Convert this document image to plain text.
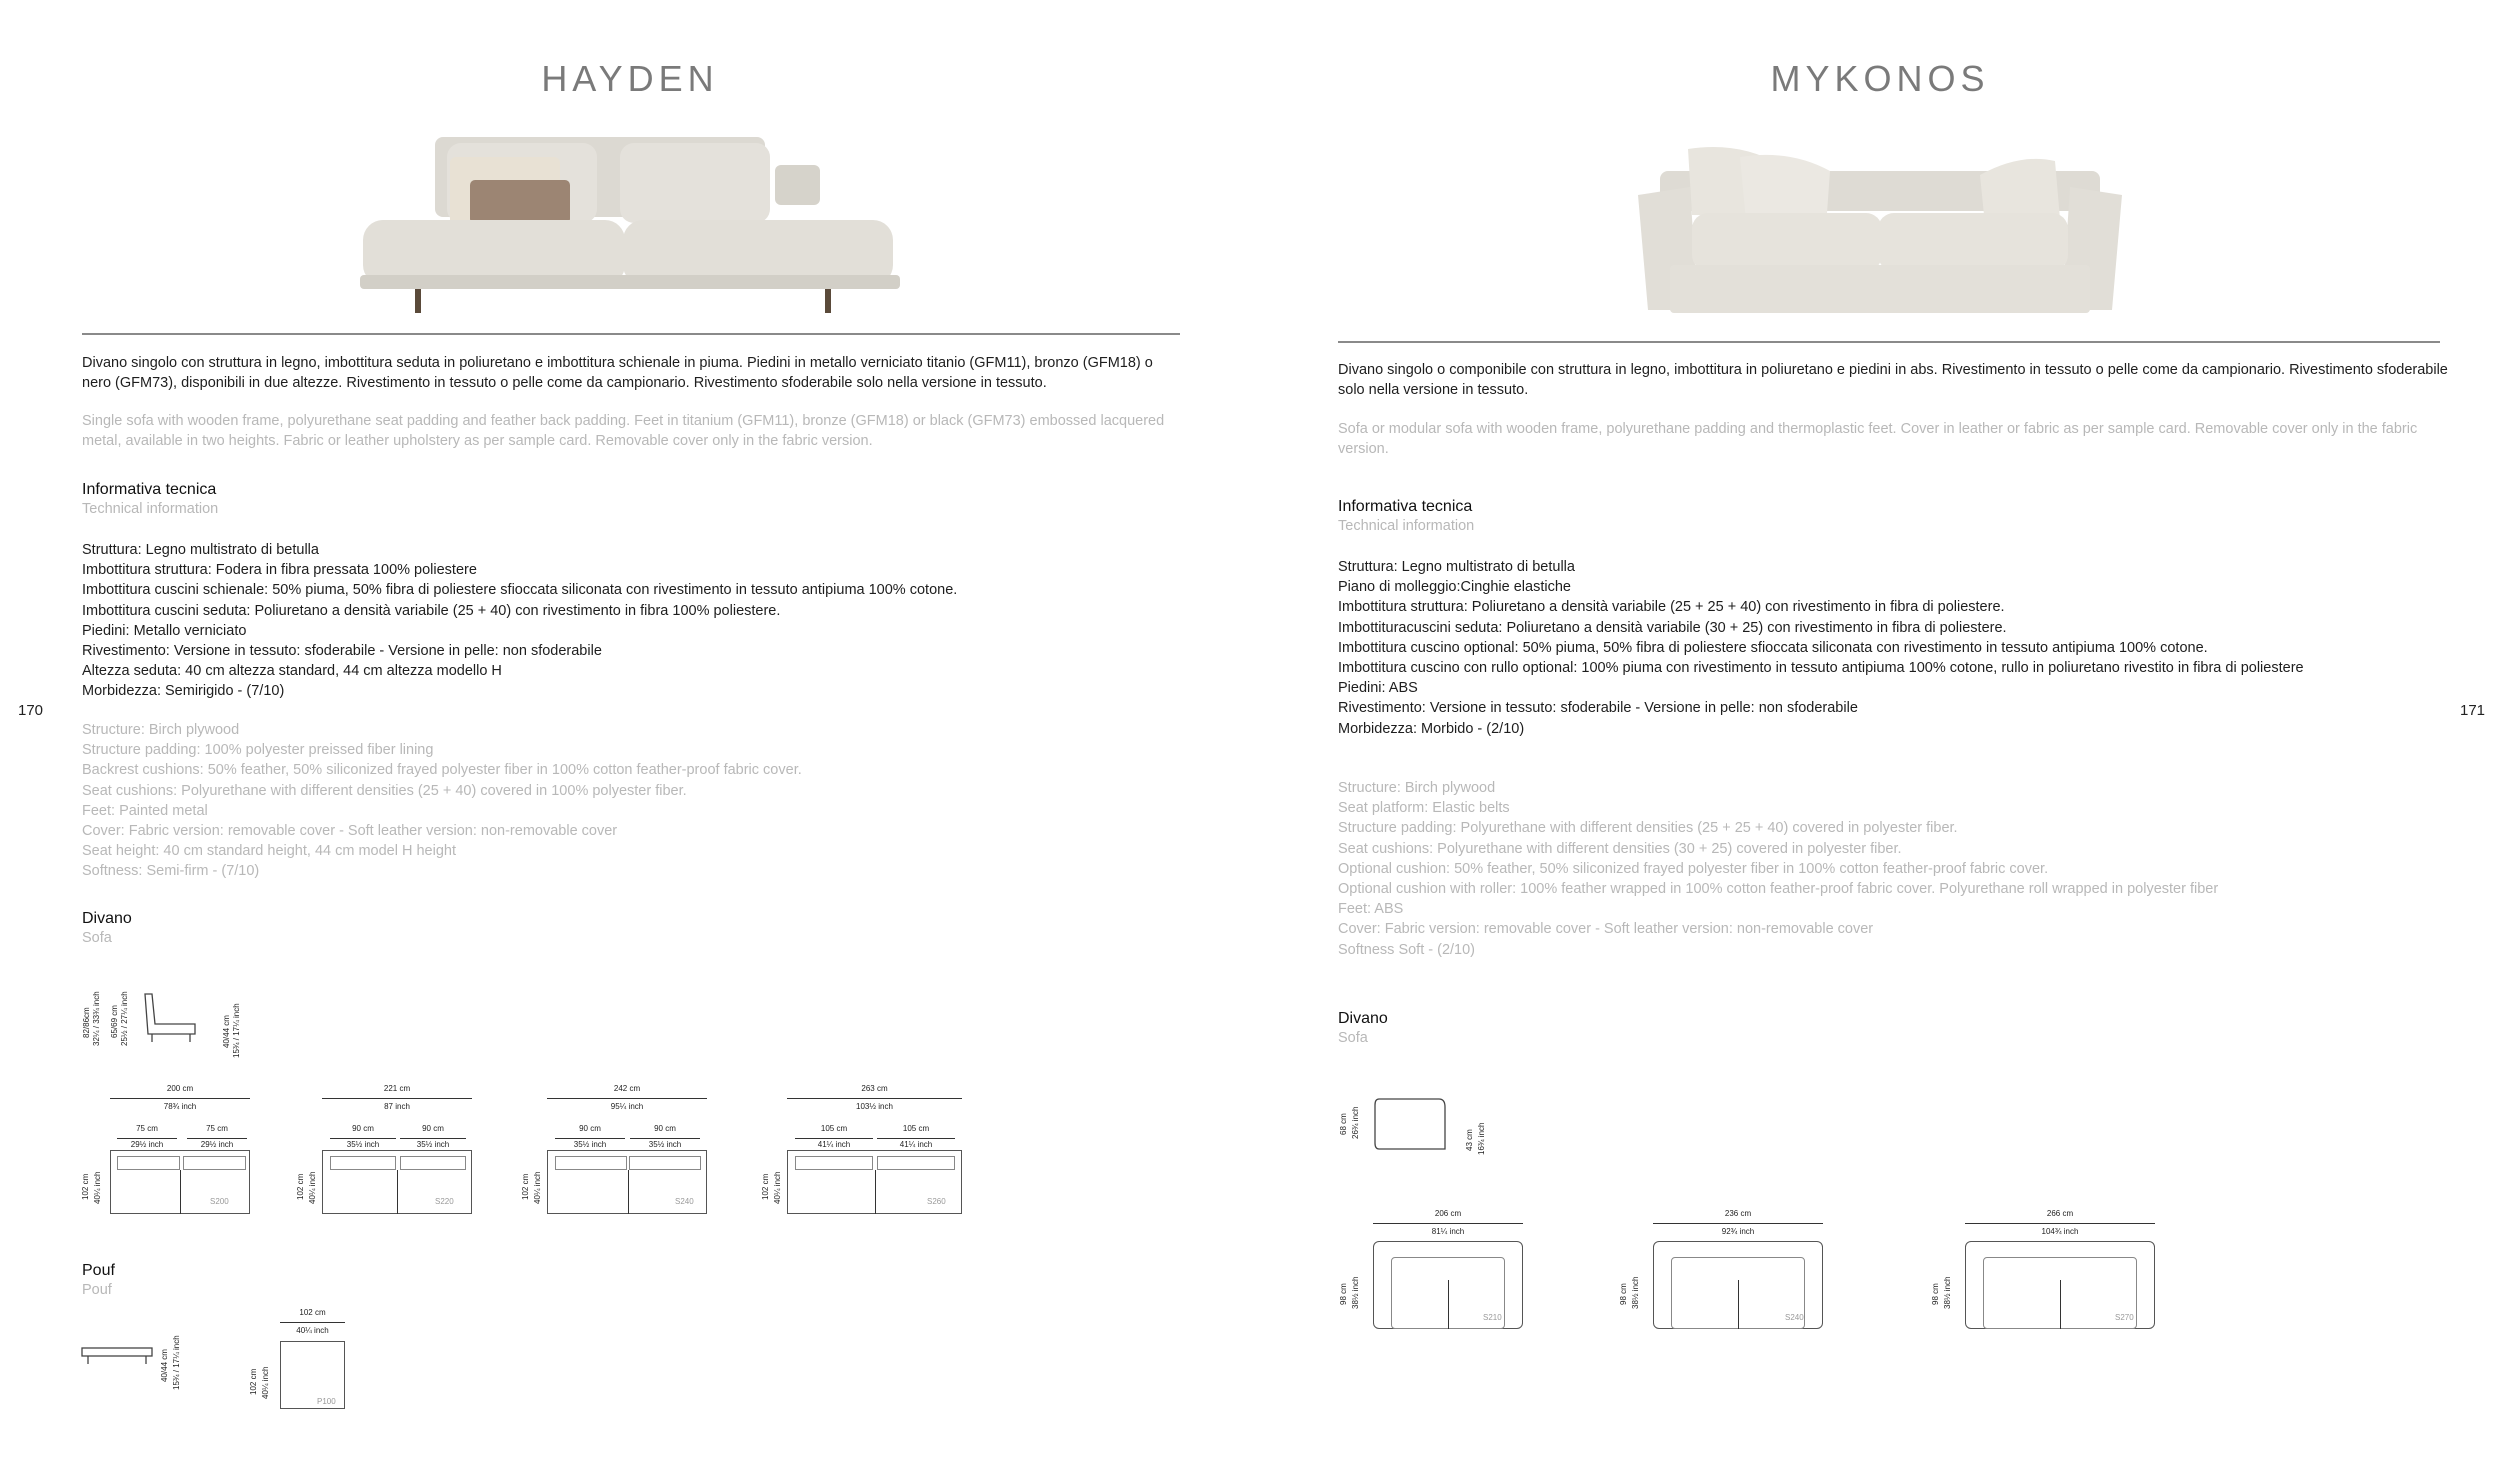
HAYDEN
Divano singolo con struttura in legno, imbottitura seduta in poliuretano e imbottitura schienale in piuma. Piedini in metallo verniciato titanio (GFM11), bronzo (GFM18) o nero (GFM73), disponibili in due altezze. Rivestimento in tessuto o pelle come da campionario. Rivestimento sfoderabile solo nella versione in tessuto.
Single sofa with wooden frame, polyurethane seat padding and feather back padding. Feet in titanium (GFM11), bronze (GFM18) or black (GFM73) embossed lacquered metal, available in two heights. Fabric or leather upholstery as per sample card. Removable cover only in the fabric version.
Informativa tecnica
Technical information
Struttura: Legno multistrato di betulla
Imbottitura struttura: Fodera in fibra pressata 100% poliestere
Imbottitura cuscini schienale: 50% piuma, 50% fibra di poliestere sfioccata siliconata con rivestimento in tessuto antipiuma 100% cotone.
Imbottitura cuscini seduta: Poliuretano a densità variabile (25 + 40) con rivestimento in fibra 100% poliestere.
Piedini: Metallo verniciato
Rivestimento: Versione in tessuto: sfoderabile - Versione in pelle: non sfoderabile
Altezza seduta: 40 cm altezza standard, 44 cm altezza modello H
Morbidezza: Semirigido - (7/10)
Structure: Birch plywood
Structure padding: 100% polyester preissed fiber lining
Backrest cushions: 50% feather, 50% siliconized frayed polyester fiber in 100% cotton feather-proof fabric cover.
Seat cushions: Polyurethane with different densities (25 + 40) covered in 100% polyester fiber.
Feet: Painted metal
Cover: Fabric version: removable cover - Soft leather version: non-removable cover
Seat height: 40 cm standard height, 44 cm model H height
Softness: Semi-firm - (7/10)
170
Divano
Sofa
82/86cm 32¼ / 33¾ inch 65/69 cm 25½ / 27¼ inch	40/44 cm 15¾ / 17¼ inch
200 cm
78¾ inch
75 cm
29½ inch
75 cm
29½ inch
S200
102 cm 40¼ inch
221 cm
87 inch
90 cm
35½ inch
90 cm
35½ inch
S220
102 cm 40¼ inch
242 cm
95¼ inch
90 cm
35½ inch
90 cm
35½ inch
S240
102 cm 40¼ inch
263 cm
103½ inch
105 cm
41¼ inch
105 cm
41¼ inch
S260
102 cm 40¼ inch
Pouf
Pouf
40/44 cm 15¾ / 17¼ inch
102 cm
40¼ inch
P100
102 cm 40¼ inch
MYKONOS
Divano singolo o componibile con struttura in legno, imbottitura in poliuretano e piedini in abs. Rivestimento in tessuto o pelle come da campionario. Rivestimento sfoderabile solo nella versione in tessuto.
Sofa or modular sofa with wooden frame, polyurethane padding and thermoplastic feet. Cover in leather or fabric as per sample card. Removable cover only in the fabric version.
Informativa tecnica
Technical information
Struttura: Legno multistrato di betulla
Piano di molleggio:Cinghie elastiche
Imbottitura struttura: Poliuretano a densità variabile (25 + 25 + 40) con rivestimento in fibra di poliestere.
Imbottituracuscini seduta: Poliuretano a densità variabile (30 + 25) con rivestimento in fibra di poliestere.
Imbottitura cuscino optional: 50% piuma, 50% fibra di poliestere sfioccata siliconata con rivestimento in tessuto antipiuma 100% cotone.
Imbottitura cuscino con rullo optional: 100% piuma con rivestimento in tessuto antipiuma 100% cotone, rullo in poliuretano rivestito in fibra di poliestere
Piedini: ABS
Rivestimento: Versione in tessuto: sfoderabile - Versione in pelle: non sfoderabile
Morbidezza: Morbido - (2/10)
Structure: Birch plywood
Seat platform: Elastic belts
Structure padding: Polyurethane with different densities (25 + 25 + 40) covered in polyester fiber.
Seat cushions: Polyurethane with different densities (30 + 25) covered in polyester fiber.
Optional cushion: 50% feather, 50% siliconized frayed polyester fiber in 100% cotton feather-proof fabric cover.
Optional cushion with roller: 100% feather wrapped in 100% cotton feather-proof fabric cover. Polyurethane roll wrapped in polyester fiber
Feet: ABS
Cover: Fabric version: removable cover - Soft leather version: non-removable cover
Softness Soft - (2/10)
171
Divano
Sofa
68 cm 26¾ inch
43 cm 16¾ inch
206 cm
81¼ inch
S210
98 cm 38½ inch
236 cm
92¾ inch
S240
98 cm 38½ inch
266 cm
104¾ inch
S270
98 cm 38½ inch
